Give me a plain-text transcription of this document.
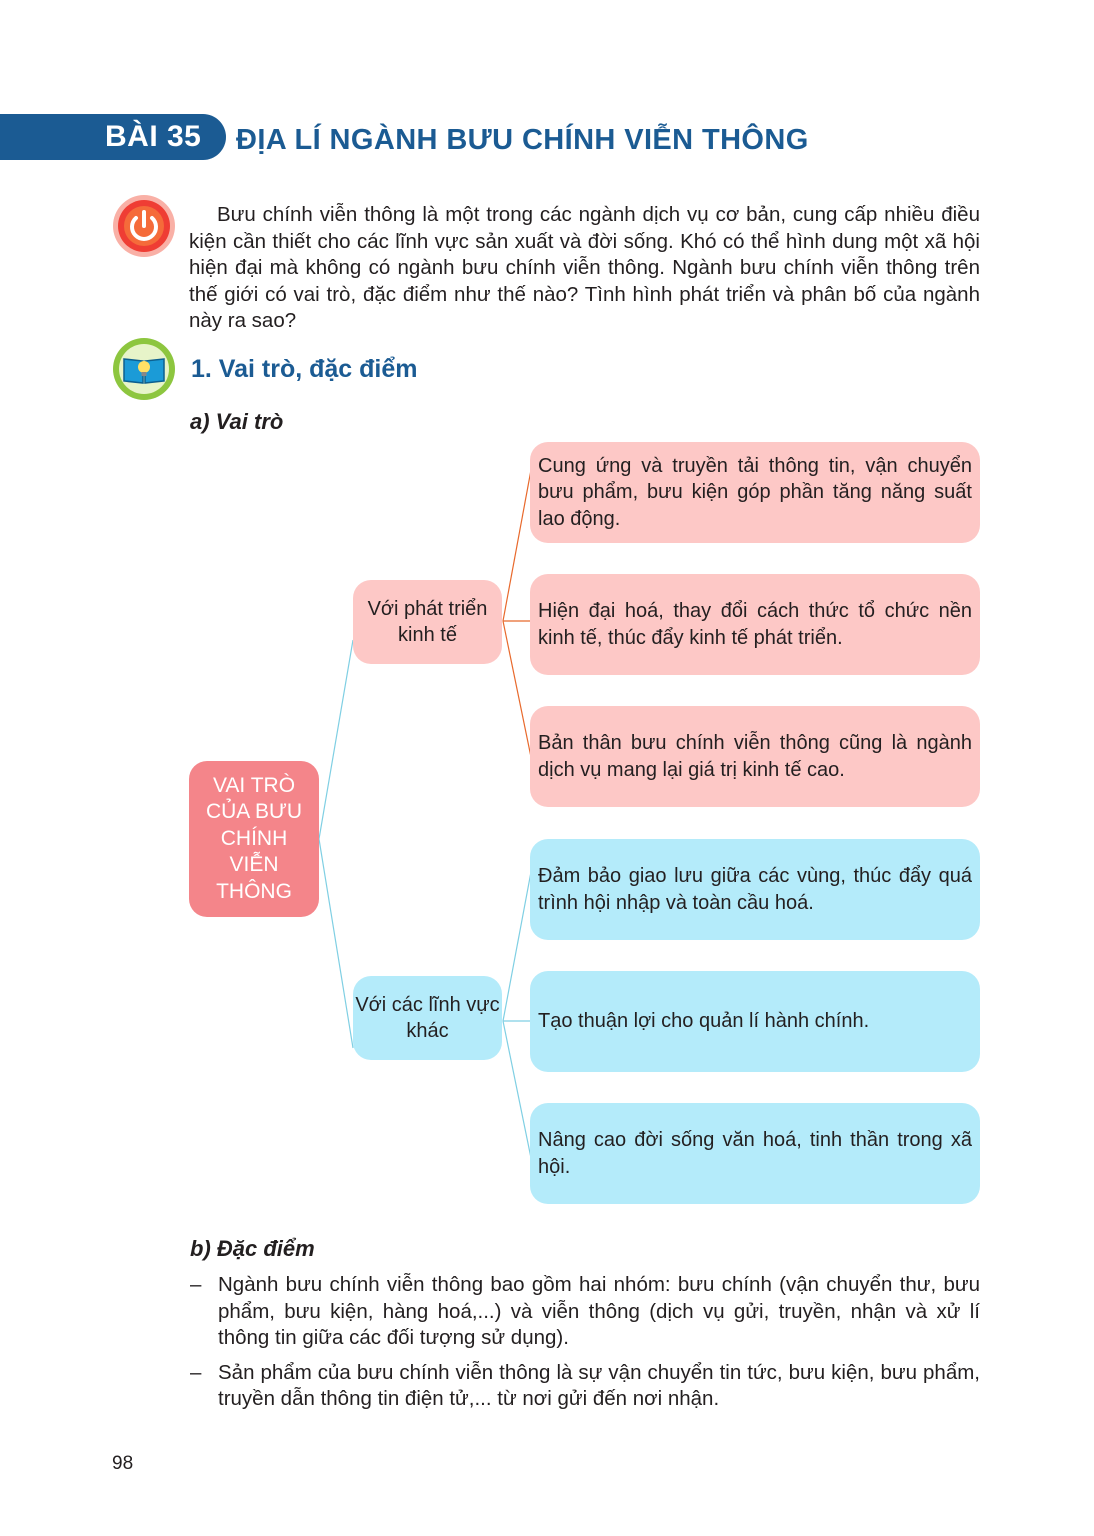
BÀI 35 ĐỊA LÍ NGÀNH BƯU CHÍNH VIỄN THÔNG
Bưu chính viễn thông là một trong các ngành dịch vụ cơ bản, cung cấp nhiều điều kiện cần thiết cho các lĩnh vực sản xuất và đời sống. Khó có thể hình dung một xã hội hiện đại mà không có ngành bưu chính viễn thông. Ngành bưu chính viễn thông trên thế giới có vai trò, đặc điểm như thế nào? Tình hình phát triển và phân bố của ngành này ra sao?
1. Vai trò, đặc điểm
a) Vai trò
VAI TRÒ CỦA BƯU CHÍNH VIỄN THÔNG
Với phát triển kinh tế
Với các lĩnh vực khác
Cung ứng và truyền tải thông tin, vận chuyển bưu phẩm, bưu kiện góp phần tăng năng suất lao động.
Hiện đại hoá, thay đổi cách thức tổ chức nền kinh tế, thúc đẩy kinh tế phát triển.
Bản thân bưu chính viễn thông cũng là ngành dịch vụ mang lại giá trị kinh tế cao.
Đảm bảo giao lưu giữa các vùng, thúc đẩy quá trình hội nhập và toàn cầu hoá.
Tạo thuận lợi cho quản lí hành chính.
Nâng cao đời sống văn hoá, tinh thần trong xã hội.
b) Đặc điểm
– Ngành bưu chính viễn thông bao gồm hai nhóm: bưu chính (vận chuyển thư, bưu phẩm, bưu kiện, hàng hoá,...) và viễn thông (dịch vụ gửi, truyền, nhận và xử lí thông tin giữa các đối tượng sử dụng).
– Sản phẩm của bưu chính viễn thông là sự vận chuyển tin tức, bưu kiện, bưu phẩm, truyền dẫn thông tin điện tử,... từ nơi gửi đến nơi nhận.
98
